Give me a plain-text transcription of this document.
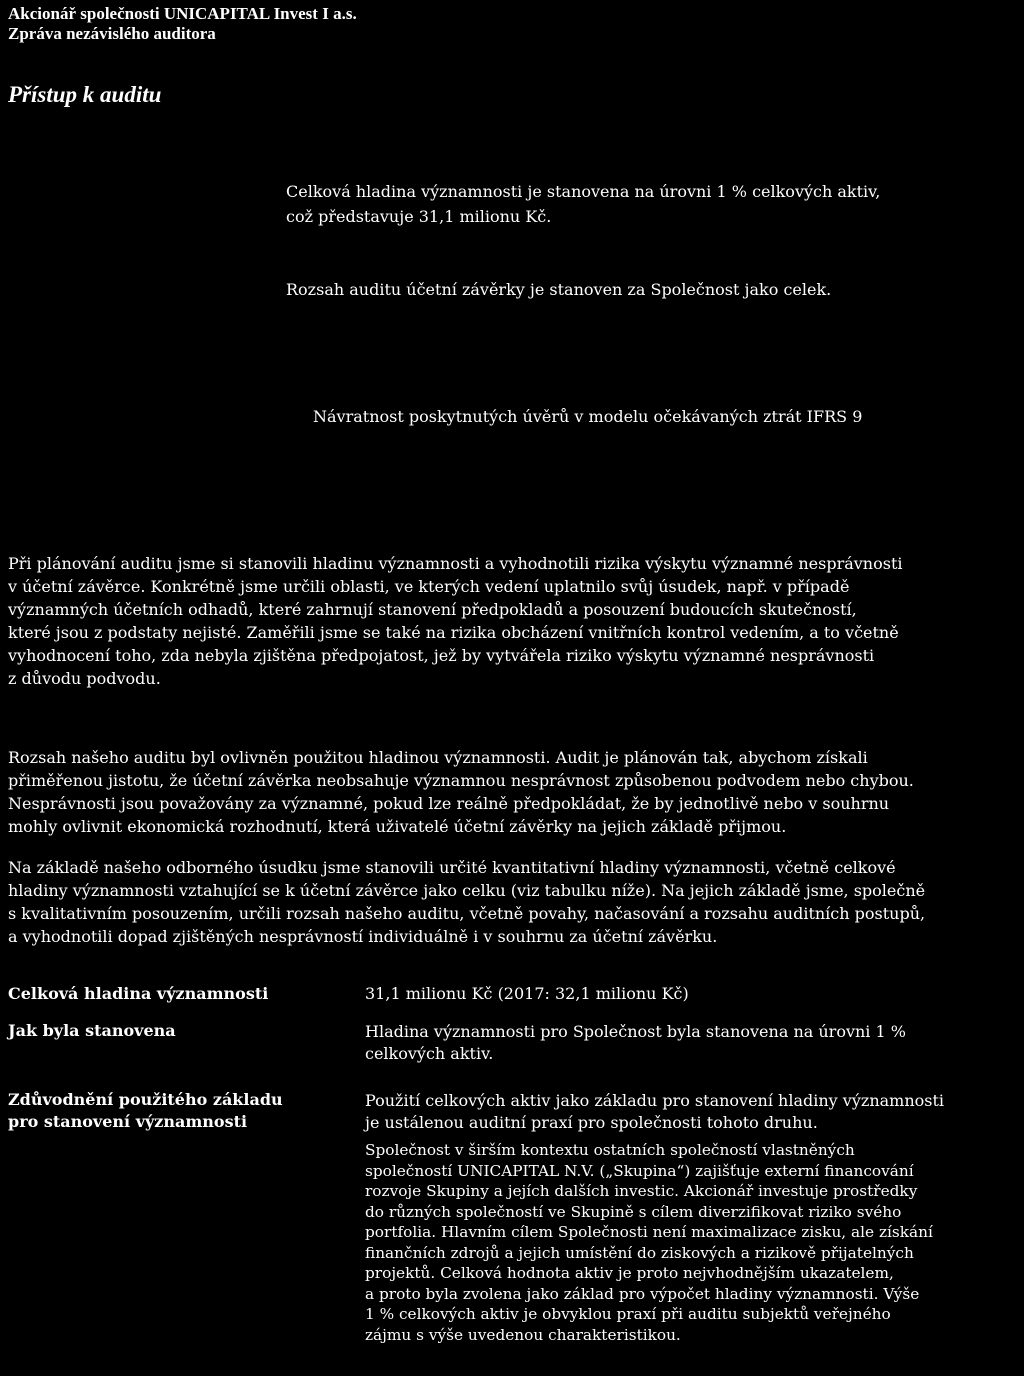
Akcionář společnosti UNICAPITAL Invest I a.s.
Zpráva nezávislého auditora
Přístup k auditu
Celková hladina významnosti je stanovena na úrovni 1 % celkových aktiv,
což představuje 31,1 milionu Kč.
Rozsah auditu účetní závěrky je stanoven za Společnost jako celek.
Návratnost poskytnutých úvěrů v modelu očekávaných ztrát IFRS 9
Při plánování auditu jsme si stanovili hladinu významnosti a vyhodnotili rizika výskytu významné nesprávnosti
v účetní závěrce. Konkrétně jsme určili oblasti, ve kterých vedení uplatnilo svůj úsudek, např. v případě
významných účetních odhadů, které zahrnují stanovení předpokladů a posouzení budoucích skutečností,
které jsou z podstaty nejisté. Zaměřili jsme se také na rizika obcházení vnitřních kontrol vedením, a to včetně
vyhodnocení toho, zda nebyla zjištěna předpojatost, jež by vytvářela riziko výskytu významné nesprávnosti
z důvodu podvodu.
Rozsah našeho auditu byl ovlivněn použitou hladinou významnosti. Audit je plánován tak, abychom získali
přiměřenou jistotu, že účetní závěrka neobsahuje významnou nesprávnost způsobenou podvodem nebo chybou.
Nesprávnosti jsou považovány za významné, pokud lze reálně předpokládat, že by jednotlivě nebo v souhrnu
mohly ovlivnit ekonomická rozhodnutí, která uživatelé účetní závěrky na jejich základě přijmou.
Na základě našeho odborného úsudku jsme stanovili určité kvantitativní hladiny významnosti, včetně celkové
hladiny významnosti vztahující se k účetní závěrce jako celku (viz tabulku níže). Na jejich základě jsme, společně
s kvalitativním posouzením, určili rozsah našeho auditu, včetně povahy, načasování a rozsahu auditních postupů,
a vyhodnotili dopad zjištěných nesprávností individuálně i v souhrnu za účetní závěrku.
Celková hladina významnosti	31,1 milionu Kč (2017: 32,1 milionu Kč)
Jak byla stanovena	Hladina významnosti pro Společnost byla stanovena na úrovni 1 %
celkových aktiv.
Zdůvodnění použitého základu
pro stanovení významnosti
Použití celkových aktiv jako základu pro stanovení hladiny významnosti
je ustálenou auditní praxí pro společnosti tohoto druhu.
Společnost v širším kontextu ostatních společností vlastněných
společností UNICAPITAL N.V. („Skupina“) zajišťuje externí financování
rozvoje Skupiny a jejích dalších investic. Akcionář investuje prostředky
do různých společností ve Skupině s cílem diverzifikovat riziko svého
portfolia. Hlavním cílem Společnosti není maximalizace zisku, ale získání
finančních zdrojů a jejich umístění do ziskových a rizikově přijatelných
projektů. Celková hodnota aktiv je proto nejvhodnějším ukazatelem,
a proto byla zvolena jako základ pro výpočet hladiny významnosti. Výše
1 % celkových aktiv je obvyklou praxí při auditu subjektů veřejného
zájmu s výše uvedenou charakteristikou.
